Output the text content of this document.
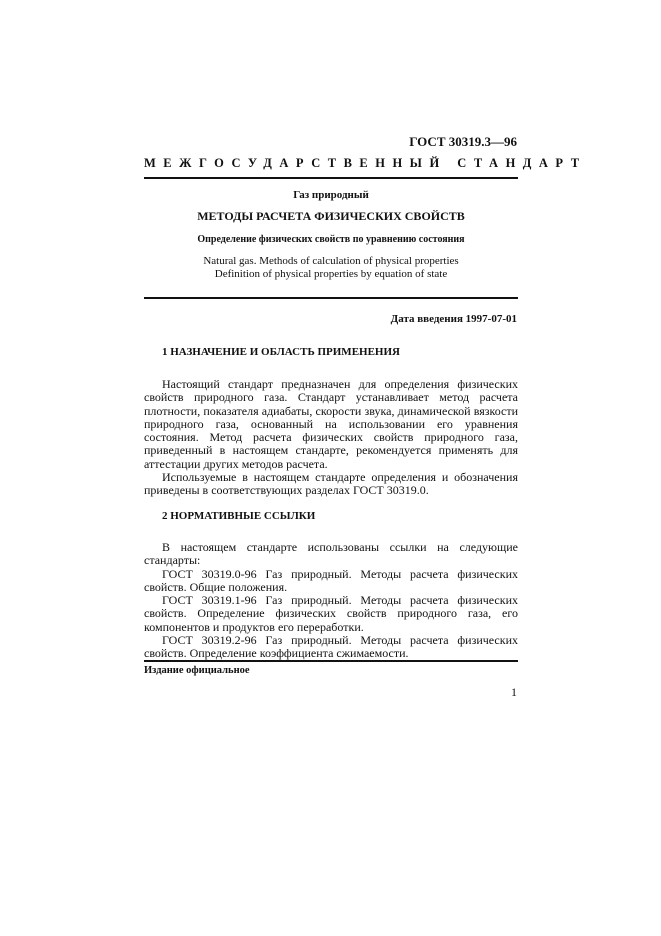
ГОСТ 30319.3—96
МЕЖГОСУДАРСТВЕННЫЙ СТАНДАРТ
Газ природный
МЕТОДЫ РАСЧЕТА ФИЗИЧЕСКИХ СВОЙСТВ
Определение физических свойств по уравнению состояния
Natural gas. Methods of calculation of physical properties
Definition of physical properties by equation of state
Дата введения 1997-07-01
1 НАЗНАЧЕНИЕ И ОБЛАСТЬ ПРИМЕНЕНИЯ

Настоящий стандарт предназначен для определения физических свойств природного газа. Стандарт устанавливает метод расчета плотности, показателя адиабаты, скорости звука, динамической вязкости природного газа, основанный на использовании его уравнения состояния. Метод расчета физических свойств природного газа, приведенный в настоящем стандарте, рекомендуется применять для аттестации других методов расчета.

Используемые в настоящем стандарте определения и обозначения приведены в соответствующих разделах ГОСТ 30319.0.

2 НОРМАТИВНЫЕ ССЫЛКИ

В настоящем стандарте использованы ссылки на следующие стандарты:

ГОСТ 30319.0-96 Газ природный. Методы расчета физических свойств. Общие положения.

ГОСТ 30319.1-96 Газ природный. Методы расчета физических свойств. Определение физических свойств природного газа, его компонентов и продуктов его переработки.

ГОСТ 30319.2-96 Газ природный. Методы расчета физических свойств. Определение коэффициента сжимаемости.

Издание официальное
1
